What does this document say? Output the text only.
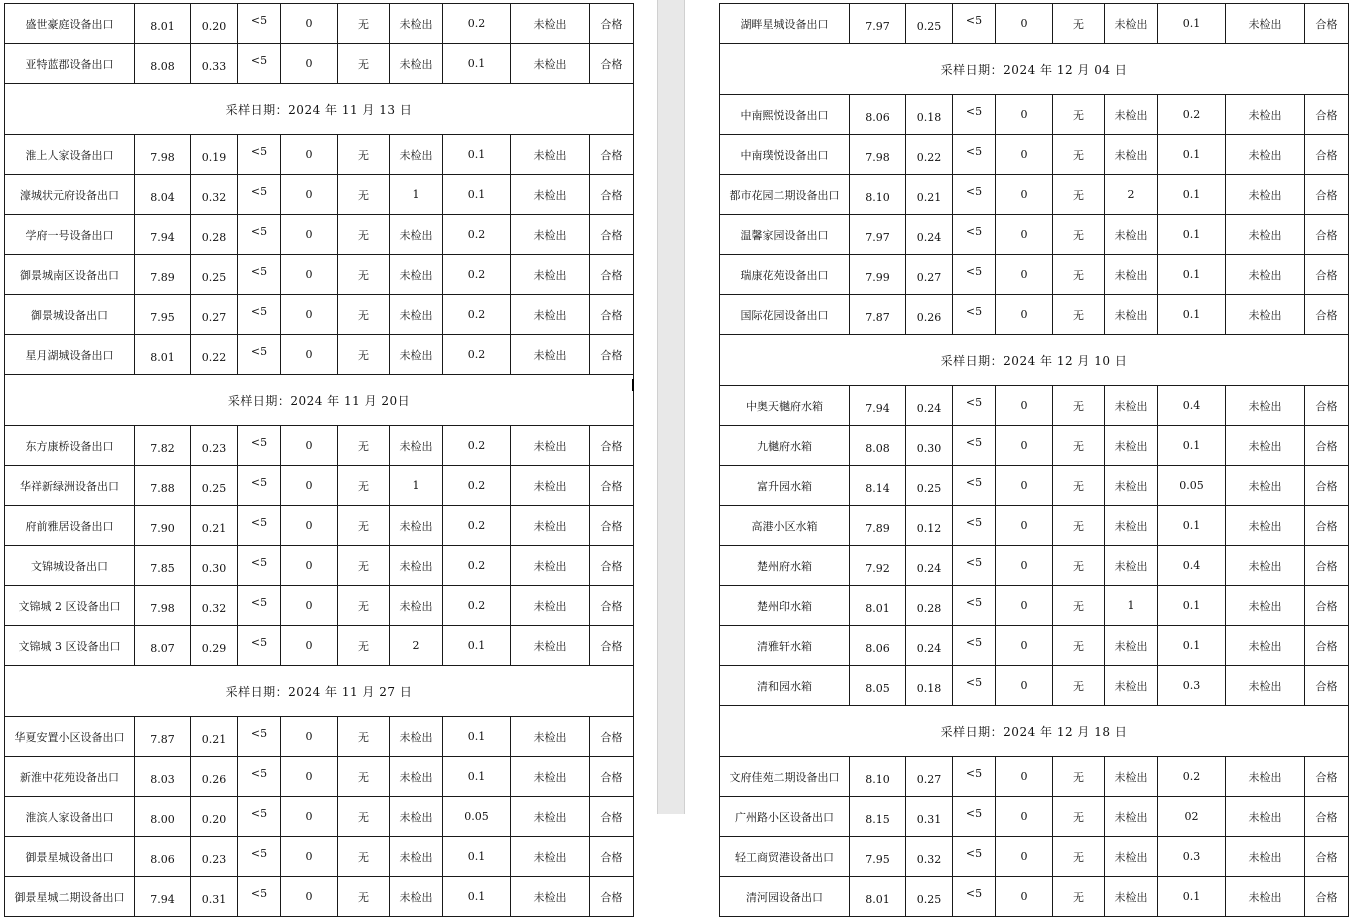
盛世豪庭设备出口	8.01	0.20	<5	0	无	未检出	0.2	未检出	合格
亚特蓝郡设备出口	8.08	0.33	<5	0	无	未检出	0.1	未检出	合格
采样日期：2024 年 11 月 13 日									
淮上人家设备出口	7.98	0.19	<5	0	无	未检出	0.1	未检出	合格
濠城状元府设备出口	8.04	0.32	<5	0	无	1	0.1	未检出	合格
学府一号设备出口	7.94	0.28	<5	0	无	未检出	0.2	未检出	合格
御景城南区设备出口	7.89	0.25	<5	0	无	未检出	0.2	未检出	合格
御景城设备出口	7.95	0.27	<5	0	无	未检出	0.2	未检出	合格
星月湖城设备出口	8.01	0.22	<5	0	无	未检出	0.2	未检出	合格
采样日期：2024 年 11 月 20日									
东方康桥设备出口	7.82	0.23	<5	0	无	未检出	0.2	未检出	合格
华祥新绿洲设备出口	7.88	0.25	<5	0	无	1	0.2	未检出	合格
府前雅居设备出口	7.90	0.21	<5	0	无	未检出	0.2	未检出	合格
文锦城设备出口	7.85	0.30	<5	0	无	未检出	0.2	未检出	合格
文锦城 2 区设备出口	7.98	0.32	<5	0	无	未检出	0.2	未检出	合格
文锦城 3 区设备出口	8.07	0.29	<5	0	无	2	0.1	未检出	合格
采样日期：2024 年 11 月 27 日									
华夏安置小区设备出口	7.87	0.21	<5	0	无	未检出	0.1	未检出	合格
新淮中花苑设备出口	8.03	0.26	<5	0	无	未检出	0.1	未检出	合格
淮滨人家设备出口	8.00	0.20	<5	0	无	未检出	0.05	未检出	合格
御景星城设备出口	8.06	0.23	<5	0	无	未检出	0.1	未检出	合格
御景星城二期设备出口	7.94	0.31	<5	0	无	未检出	0.1	未检出	合格
湖畔星城设备出口	7.97	0.25	<5	0	无	未检出	0.1	未检出	合格
采样日期：2024 年 12 月 04 日									
中南熙悦设备出口	8.06	0.18	<5	0	无	未检出	0.2	未检出	合格
中南璞悦设备出口	7.98	0.22	<5	0	无	未检出	0.1	未检出	合格
都市花园二期设备出口	8.10	0.21	<5	0	无	2	0.1	未检出	合格
温馨家园设备出口	7.97	0.24	<5	0	无	未检出	0.1	未检出	合格
瑞康花苑设备出口	7.99	0.27	<5	0	无	未检出	0.1	未检出	合格
国际花园设备出口	7.87	0.26	<5	0	无	未检出	0.1	未检出	合格
采样日期：2024 年 12 月 10 日									
中奥天樾府水箱	7.94	0.24	<5	0	无	未检出	0.4	未检出	合格
九樾府水箱	8.08	0.30	<5	0	无	未检出	0.1	未检出	合格
富升园水箱	8.14	0.25	<5	0	无	未检出	0.05	未检出	合格
高港小区水箱	7.89	0.12	<5	0	无	未检出	0.1	未检出	合格
楚州府水箱	7.92	0.24	<5	0	无	未检出	0.4	未检出	合格
楚州印水箱	8.01	0.28	<5	0	无	1	0.1	未检出	合格
清雅轩水箱	8.06	0.24	<5	0	无	未检出	0.1	未检出	合格
清和园水箱	8.05	0.18	<5	0	无	未检出	0.3	未检出	合格
采样日期：2024 年 12 月 18 日									
文府佳苑二期设备出口	8.10	0.27	<5	0	无	未检出	0.2	未检出	合格
广州路小区设备出口	8.15	0.31	<5	0	无	未检出	02	未检出	合格
轻工商贸港设备出口	7.95	0.32	<5	0	无	未检出	0.3	未检出	合格
清河园设备出口	8.01	0.25	<5	0	无	未检出	0.1	未检出	合格
